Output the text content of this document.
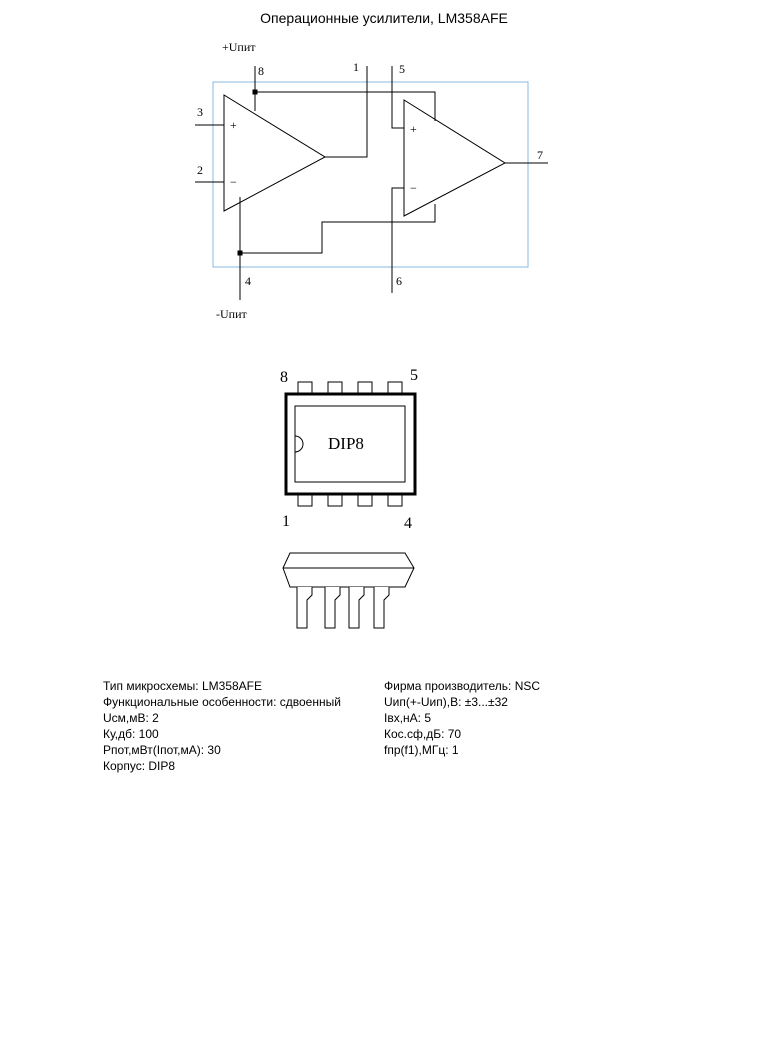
Операционные усилители, LM358AFE
+
−
+
−
+Uпит
8	1	5
3
2
7
4	6
-Uпит
DIP8
8	5
1	4
Тип микросхемы: LM358AFE
Функциональные особенности: сдвоенный
Uсм,мВ: 2
Ку,дб: 100
Pпот,мВт(Iпот,мА): 30
Корпус: DIP8
Фирма производитель: NSC
Uип(+-Uип),В: ±3...±32
Iвх,нА: 5
Кос.сф,дБ: 70
fпр(f1),МГц: 1
